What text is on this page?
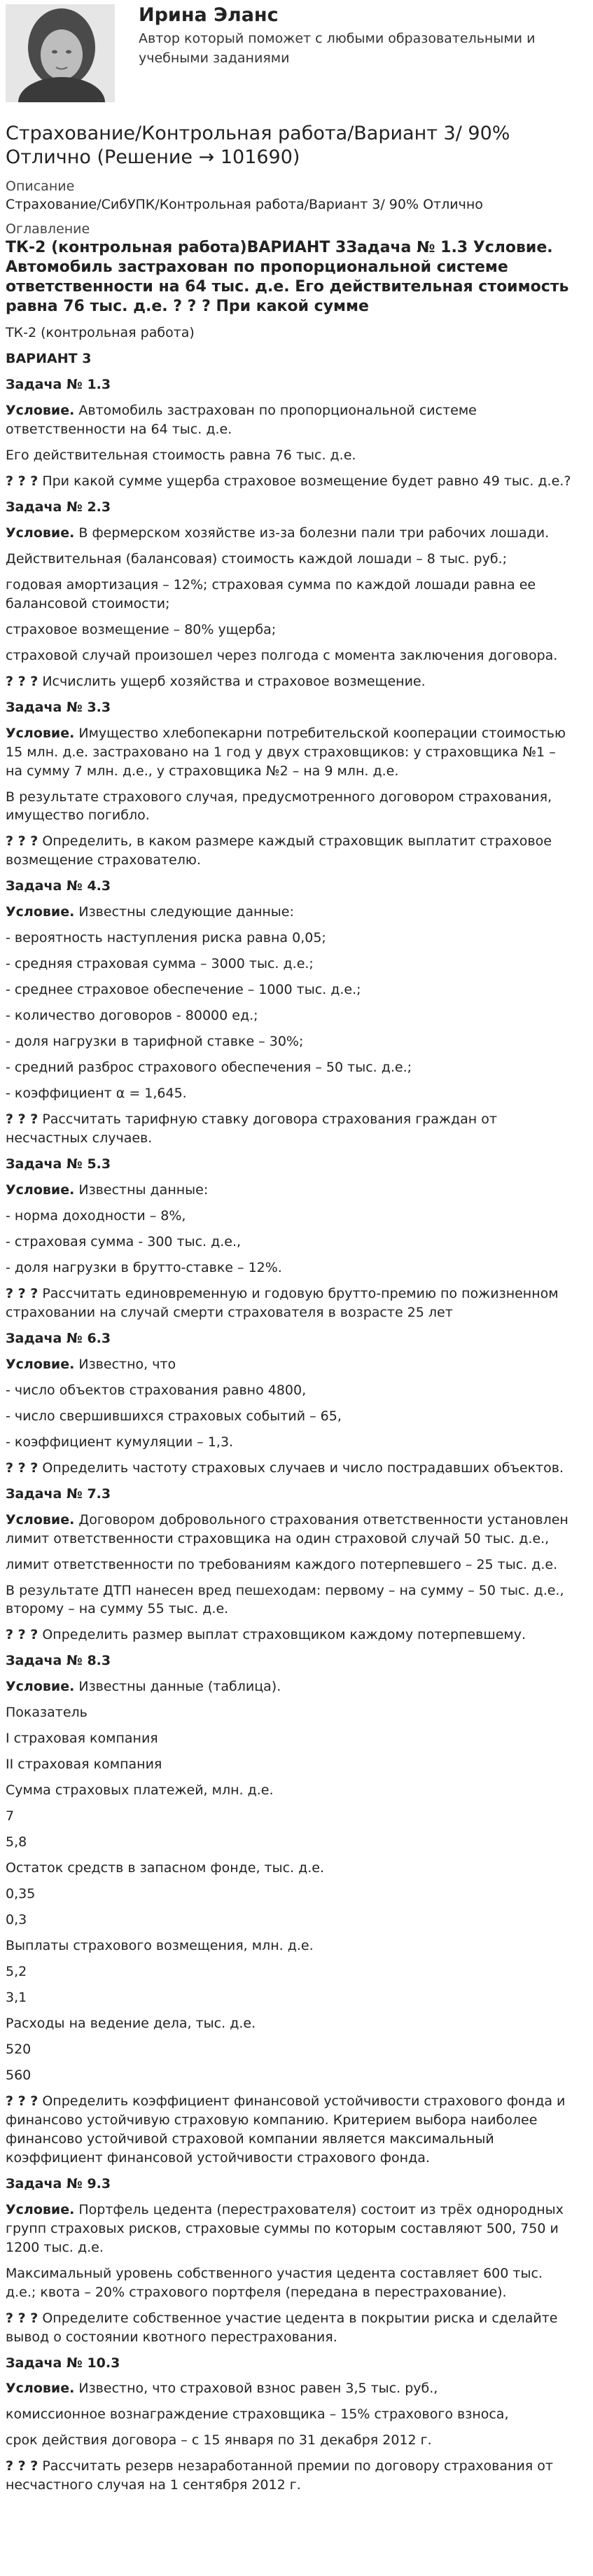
Ирина Эланс
Автор который поможет с любыми образовательными и учебными заданиями
Страхование/Контрольная работа/Вариант 3/ 90% Отлично (Решение → 101690)
Описание
Страхование/СибУПК/Контрольная работа/Вариант 3/ 90% Отлично
Оглавление
ТК-2 (контрольная работа)ВАРИАНТ 3Задача № 1.3 Условие. Автомобиль застрахован по пропорциональной системе ответственности на 64 тыс. д.е. Его действительная стоимость равна 76 тыс. д.е. ? ? ? При какой сумме

ТК-2 (контрольная работа)

ВАРИАНТ 3

Задача № 1.3

Условие. Автомобиль застрахован по пропорциональной системе ответственности на 64 тыс. д.е.

Его действительная стоимость равна 76 тыс. д.е.

? ? ? При какой сумме ущерба страховое возмещение будет равно 49 тыс. д.е.?

Задача № 2.3

Условие. В фермерском хозяйстве из-за болезни пали три рабочих лошади.

Действительная (балансовая) стоимость каждой лошади – 8 тыс. руб.;

годовая амортизация – 12%; страховая сумма по каждой лошади равна ее балансовой стоимости;

страховое возмещение – 80% ущерба;

страховой случай произошел через полгода с момента заключения договора.

? ? ? Исчислить ущерб хозяйства и страховое возмещение.

Задача № 3.3

Условие. Имущество хлебопекарни потребительской кооперации стоимостью 15 млн. д.е. застраховано на 1 год у двух страховщиков: у страховщика №1 – на сумму 7 млн. д.е., у страховщика №2 – на 9 млн. д.е.

В результате страхового случая, предусмотренного договором страхования, имущество погибло.

? ? ? Определить, в каком размере каждый страховщик выплатит страховое возмещение страхователю.

Задача № 4.3

Условие. Известны следующие данные:

- вероятность наступления риска равна 0,05;

- средняя страховая сумма – 3000 тыс. д.е.;

- среднее страховое обеспечение – 1000 тыс. д.е.;

- количество договоров - 80000 ед.;

- доля нагрузки в тарифной ставке – 30%;

- средний разброс страхового обеспечения – 50 тыс. д.е.;

- коэффициент α = 1,645.

? ? ? Рассчитать тарифную ставку договора страхования граждан от несчастных случаев.

Задача № 5.3

Условие. Известны данные:

- норма доходности – 8%,

- страховая сумма - 300 тыс. д.е.,

- доля нагрузки в брутто-ставке – 12%.

? ? ? Рассчитать единовременную и годовую брутто-премию по пожизненном страховании на случай смерти страхователя в возрасте 25 лет

Задача № 6.3

Условие. Известно, что

- число объектов страхования равно 4800,

- число свершившихся страховых событий – 65,

- коэффициент кумуляции – 1,3.

? ? ? Определить частоту страховых случаев и число пострадавших объектов.

Задача № 7.3

Условие. Договором добровольного страхования ответственности установлен лимит ответственности страховщика на один страховой случай 50 тыс. д.е.,

лимит ответственности по требованиям каждого потерпевшего – 25 тыс. д.е.

В результате ДТП нанесен вред пешеходам: первому – на сумму – 50 тыс. д.е., второму – на сумму 55 тыс. д.е.

? ? ? Определить размер выплат страховщиком каждому потерпевшему.

Задача № 8.3

Условие. Известны данные (таблица).

Показатель

I страховая компания

II страховая компания

Сумма страховых платежей, млн. д.е.

7

5,8

Остаток средств в запасном фонде, тыс. д.е.

0,35

0,3

Выплаты страхового возмещения, млн. д.е.

5,2

3,1

Расходы на ведение дела, тыс. д.е.

520

560

? ? ? Определить коэффициент финансовой устойчивости страхового фонда и финансово устойчивую страховую компанию. Критерием выбора наиболее финансово устойчивой страховой компании является максимальный коэффициент финансовой устойчивости страхового фонда.

Задача № 9.3

Условие. Портфель цедента (перестрахователя) состоит из трёх однородных групп страховых рисков, страховые суммы по которым составляют 500, 750 и 1200 тыс. д.е.

Максимальный уровень собственного участия цедента составляет 600 тыс. д.е.; квота – 20% страхового портфеля (передана в перестрахование).

? ? ? Определите собственное участие цедента в покрытии риска и сделайте вывод о состоянии квотного перестрахования.

Задача № 10.3

Условие. Известно, что страховой взнос равен 3,5 тыс. руб.,

комиссионное вознаграждение страховщика – 15% страхового взноса,

срок действия договора – с 15 января по 31 декабря 2012 г.

? ? ? Рассчитать резерв незаработанной премии по договору страхования от несчастного случая на 1 сентября 2012 г.
